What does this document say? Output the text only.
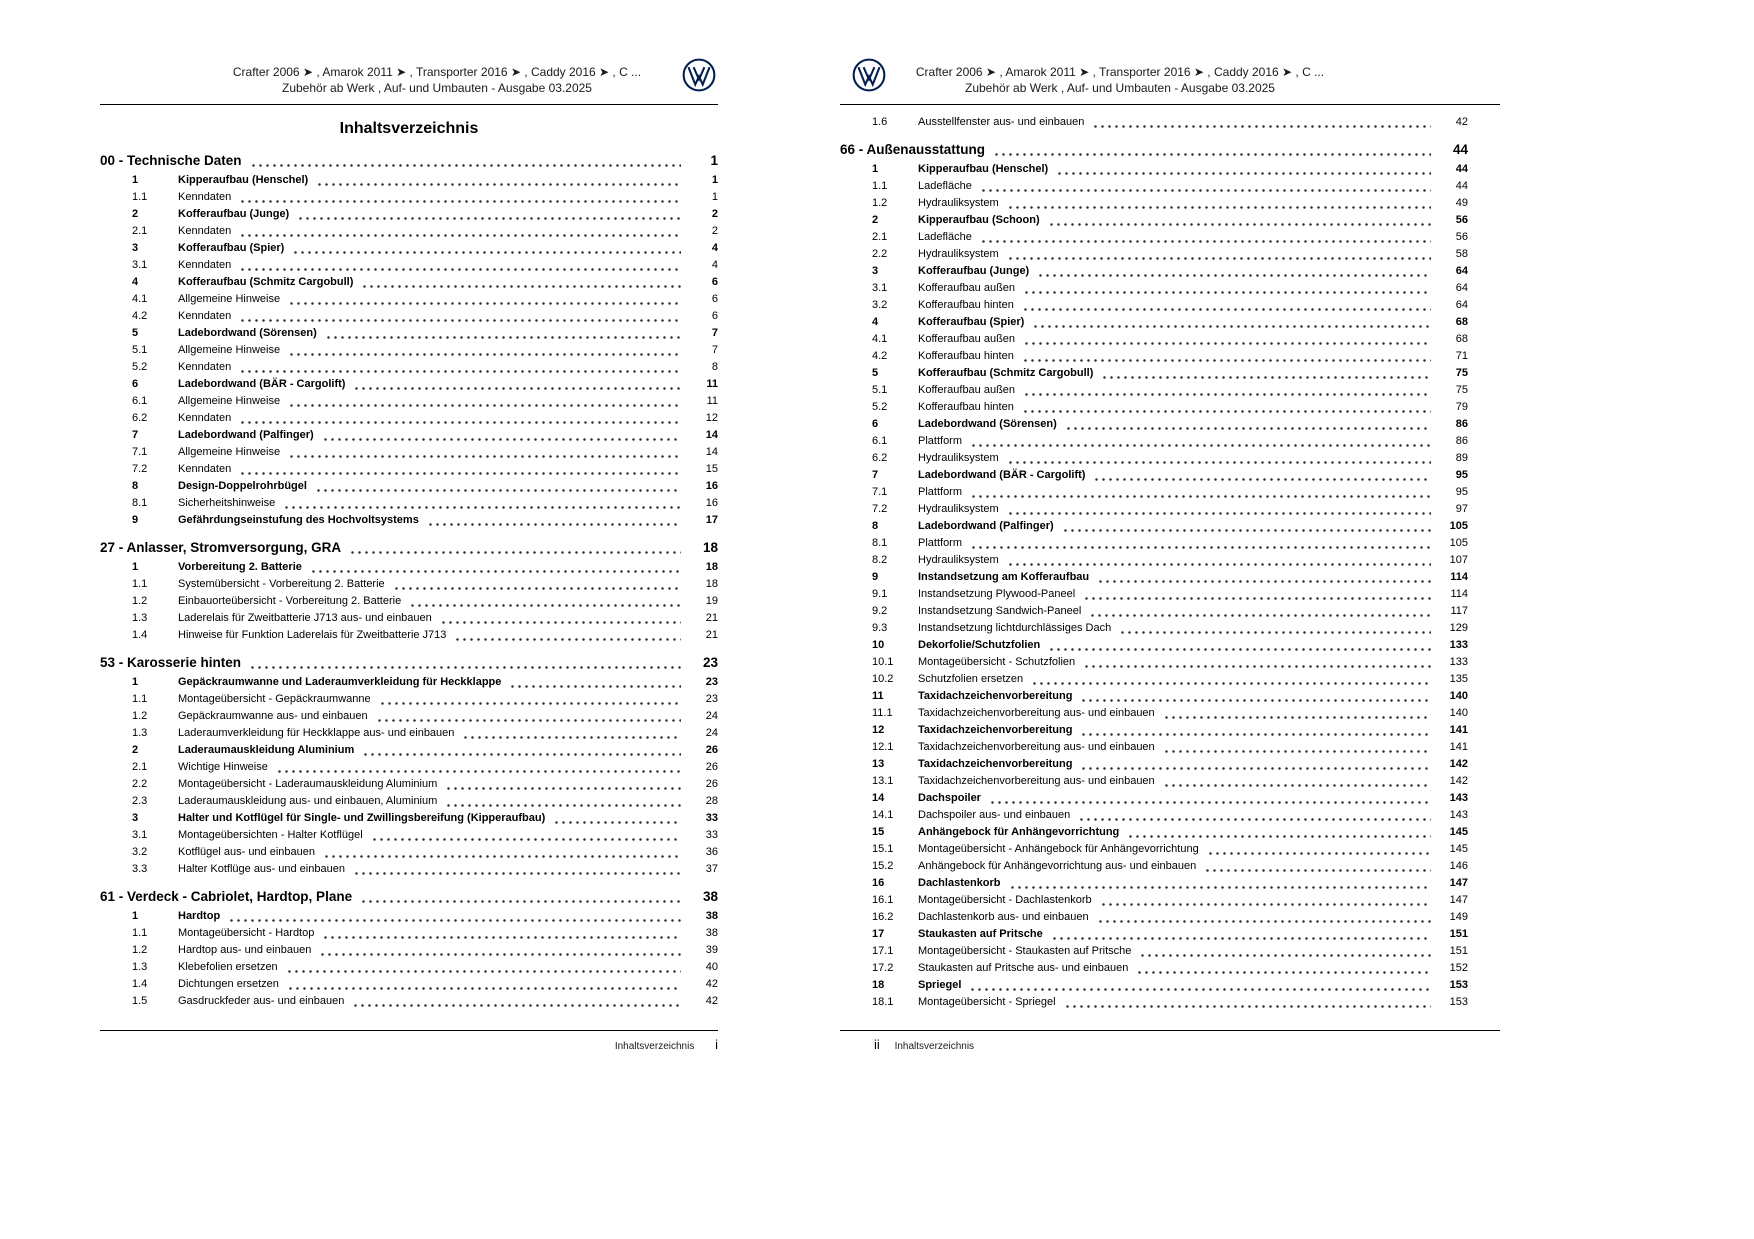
Crafter 2006 ➤ , Amarok 2011 ➤ , Transporter 2016 ➤ , Caddy 2016 ➤ , C ...
Zubehör ab Werk , Auf- und Umbauten - Ausgabe 03.2025
Inhaltsverzeichnis
00 - Technische Daten	1
1	Kipperaufbau (Henschel)	1
1.1	Kenndaten	1
2	Kofferaufbau (Junge)	2
2.1	Kenndaten	2
3	Kofferaufbau (Spier)	4
3.1	Kenndaten	4
4	Kofferaufbau (Schmitz Cargobull)	6
4.1	Allgemeine Hinweise	6
4.2	Kenndaten	6
5	Ladebordwand (Sörensen)	7
5.1	Allgemeine Hinweise	7
5.2	Kenndaten	8
6	Ladebordwand (BÄR - Cargolift)	11
6.1	Allgemeine Hinweise	11
6.2	Kenndaten	12
7	Ladebordwand (Palfinger)	14
7.1	Allgemeine Hinweise	14
7.2	Kenndaten	15
8	Design-Doppelrohrbügel	16
8.1	Sicherheitshinweise	16
9	Gefährdungseinstufung des Hochvoltsystems	17
27 - Anlasser, Stromversorgung, GRA	18
1	Vorbereitung 2. Batterie	18
1.1	Systemübersicht - Vorbereitung 2. Batterie	18
1.2	Einbauorteübersicht - Vorbereitung 2. Batterie	19
1.3	Laderelais für Zweitbatterie J713 aus- und einbauen	21
1.4	Hinweise für Funktion Laderelais für Zweitbatterie J713	21
53 - Karosserie hinten	23
1	Gepäckraumwanne und Laderaumverkleidung für Heckklappe	23
1.1	Montageübersicht - Gepäckraumwanne	23
1.2	Gepäckraumwanne aus- und einbauen	24
1.3	Laderaumverkleidung für Heckklappe aus- und einbauen	24
2	Laderaumauskleidung Aluminium	26
2.1	Wichtige Hinweise	26
2.2	Montageübersicht - Laderaumauskleidung Aluminium	26
2.3	Laderaumauskleidung aus- und einbauen, Aluminium	28
3	Halter und Kotflügel für Single- und Zwillingsbereifung (Kipperaufbau)	33
3.1	Montageübersichten - Halter Kotflügel	33
3.2	Kotflügel aus- und einbauen	36
3.3	Halter Kotflüge aus- und einbauen	37
61 - Verdeck - Cabriolet, Hardtop, Plane	38
1	Hardtop	38
1.1	Montageübersicht - Hardtop	38
1.2	Hardtop aus- und einbauen	39
1.3	Klebefolien ersetzen	40
1.4	Dichtungen ersetzen	42
1.5	Gasdruckfeder aus- und einbauen	42
Inhaltsverzeichnis i
Crafter 2006 ➤ , Amarok 2011 ➤ , Transporter 2016 ➤ , Caddy 2016 ➤ , C ...
Zubehör ab Werk , Auf- und Umbauten - Ausgabe 03.2025
1.6	Ausstellfenster aus- und einbauen	42
66 - Außenausstattung	44
1	Kipperaufbau (Henschel)	44
1.1	Ladefläche	44
1.2	Hydrauliksystem	49
2	Kipperaufbau (Schoon)	56
2.1	Ladefläche	56
2.2	Hydrauliksystem	58
3	Kofferaufbau (Junge)	64
3.1	Kofferaufbau außen	64
3.2	Kofferaufbau hinten	64
4	Kofferaufbau (Spier)	68
4.1	Kofferaufbau außen	68
4.2	Kofferaufbau hinten	71
5	Kofferaufbau (Schmitz Cargobull)	75
5.1	Kofferaufbau außen	75
5.2	Kofferaufbau hinten	79
6	Ladebordwand (Sörensen)	86
6.1	Plattform	86
6.2	Hydrauliksystem	89
7	Ladebordwand (BÄR - Cargolift)	95
7.1	Plattform	95
7.2	Hydrauliksystem	97
8	Ladebordwand (Palfinger)	105
8.1	Plattform	105
8.2	Hydrauliksystem	107
9	Instandsetzung am Kofferaufbau	114
9.1	Instandsetzung Plywood-Paneel	114
9.2	Instandsetzung Sandwich-Paneel	117
9.3	Instandsetzung lichtdurchlässiges Dach	129
10	Dekorfolie/Schutzfolien	133
10.1	Montageübersicht - Schutzfolien	133
10.2	Schutzfolien ersetzen	135
11	Taxidachzeichenvorbereitung	140
11.1	Taxidachzeichenvorbereitung aus- und einbauen	140
12	Taxidachzeichenvorbereitung	141
12.1	Taxidachzeichenvorbereitung aus- und einbauen	141
13	Taxidachzeichenvorbereitung	142
13.1	Taxidachzeichenvorbereitung aus- und einbauen	142
14	Dachspoiler	143
14.1	Dachspoiler aus- und einbauen	143
15	Anhängebock für Anhängevorrichtung	145
15.1	Montageübersicht - Anhängebock für Anhängevorrichtung	145
15.2	Anhängebock für Anhängevorrichtung aus- und einbauen	146
16	Dachlastenkorb	147
16.1	Montageübersicht - Dachlastenkorb	147
16.2	Dachlastenkorb aus- und einbauen	149
17	Staukasten auf Pritsche	151
17.1	Montageübersicht - Staukasten auf Pritsche	151
17.2	Staukasten auf Pritsche aus- und einbauen	152
18	Spriegel	153
18.1	Montageübersicht - Spriegel	153
ii Inhaltsverzeichnis
